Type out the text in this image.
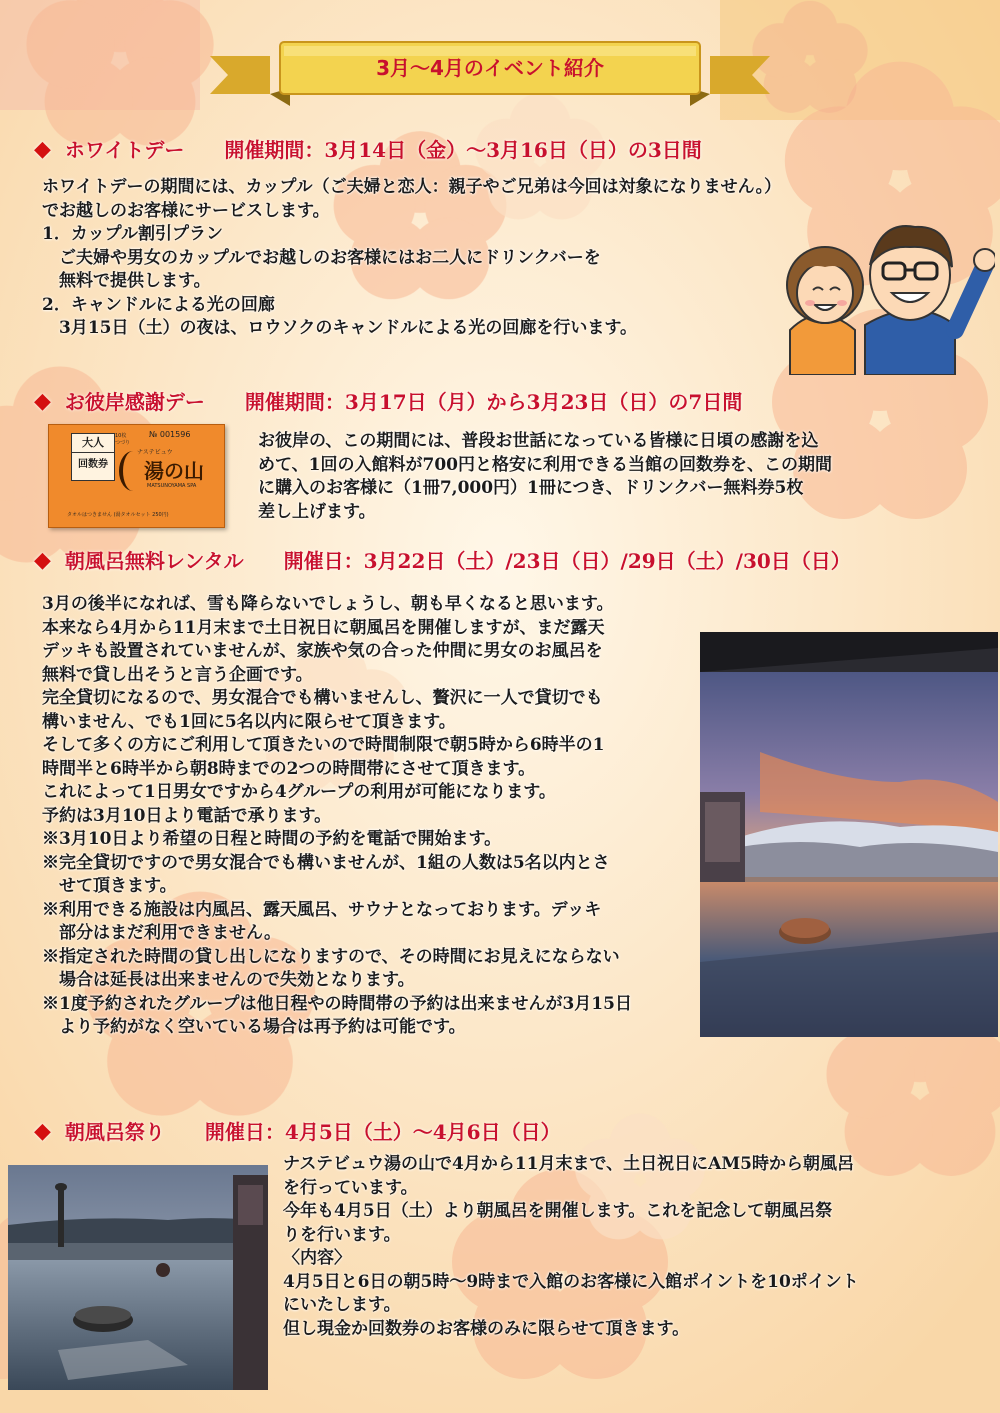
3月～4月のイベント紹介
◆ ホワイトデー 開催期間：3月14日（金）～3月16日（日）の3日間
ホワイトデーの期間には、カップル（ご夫婦と恋人：親子やご兄弟は今回は対象になりません。）
でお越しのお客様にサービスします。
1．カップル割引プラン
　ご夫婦や男女のカップルでお越しのお客様にはお二人にドリンクバーを
　無料で提供します。
2．キャンドルによる光の回廊
　3月15日（土）の夜は、ロウソクのキャンドルによる光の回廊を行います。
◆ お彼岸感謝デー 開催期間：3月17日（月）から3月23日（日）の7日間
大人
回数券
10枚
つづり
№ 001596
ナステビュウ
湯の山
MATSUNOYAMA SPA
タオルはつきません (湯タオルセット 250円)
お彼岸の、この期間には、普段お世話になっている皆様に日頃の感謝を込
めて、1回の入館料が700円と格安に利用できる当館の回数券を、この期間
に購入のお客様に（1冊7,000円）1冊につき、ドリンクバー無料券5枚
差し上げます。
◆ 朝風呂無料レンタル 開催日：3月22日（土）/23日（日）/29日（土）/30日（日）
3月の後半になれば、雪も降らないでしょうし、朝も早くなると思います。
本来なら4月から11月末まで土日祝日に朝風呂を開催しますが、まだ露天
デッキも設置されていませんが、家族や気の合った仲間に男女のお風呂を
無料で貸し出そうと言う企画です。
完全貸切になるので、男女混合でも構いませんし、贅沢に一人で貸切でも
構いません、でも1回に5名以内に限らせて頂きます。
そして多くの方にご利用して頂きたいので時間制限で朝5時から6時半の1
時間半と6時半から朝8時までの2つの時間帯にさせて頂きます。
これによって1日男女ですから4グループの利用が可能になります。
予約は3月10日より電話で承ります。
※3月10日より希望の日程と時間の予約を電話で開始ます。
※完全貸切ですので男女混合でも構いませんが、1組の人数は5名以内とさ
　せて頂きます。
※利用できる施設は内風呂、露天風呂、サウナとなっております。デッキ
　部分はまだ利用できません。
※指定された時間の貸し出しになりますので、その時間にお見えにならない
　場合は延長は出来ませんので失効となります。
※1度予約されたグループは他日程やの時間帯の予約は出来ませんが3月15日
　より予約がなく空いている場合は再予約は可能です。
◆ 朝風呂祭り 開催日：4月5日（土）～4月6日（日）
ナステビュウ湯の山で4月から11月末まで、土日祝日にAM5時から朝風呂
を行っています。
今年も4月5日（土）より朝風呂を開催します。これを記念して朝風呂祭
りを行います。
〈内容〉
4月5日と6日の朝5時～9時まで入館のお客様に入館ポイントを10ポイント
にいたします。
但し現金か回数券のお客様のみに限らせて頂きます。
